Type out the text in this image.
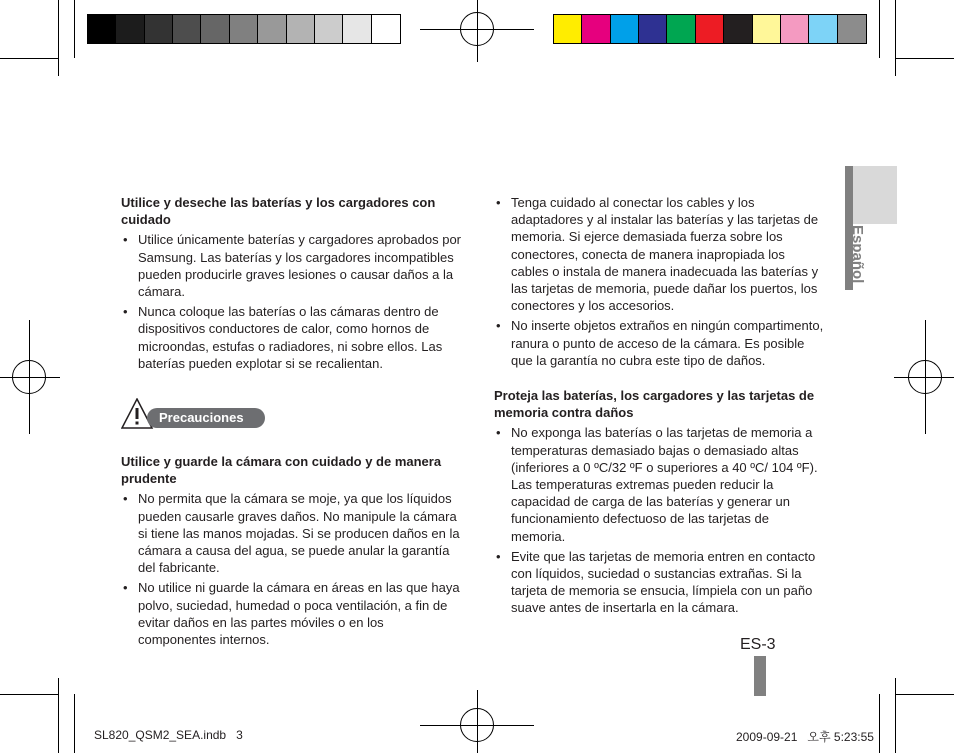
Español
Utilice y deseche las baterías y los cargadores con cuidado
• Utilice únicamente baterías y cargadores aprobados por Samsung. Las baterías y los cargadores incompatibles pueden producirle graves lesiones o causar daños a la cámara.
• Nunca coloque las baterías o las cámaras dentro de dispositivos conductores de calor, como hornos de microondas, estufas o radiadores, ni sobre ellos. Las baterías pueden explotar si se recalientan.
Precauciones
Utilice y guarde la cámara con cuidado y de manera prudente
• No permita que la cámara se moje, ya que los líquidos pueden causarle graves daños. No manipule la cámara si tiene las manos mojadas. Si se producen daños en la cámara a causa del agua, se puede anular la garantía del fabricante.
• No utilice ni guarde la cámara en áreas en las que haya polvo, suciedad, humedad o poca ventilación, a fin de evitar daños en las partes móviles o en los componentes internos.
• Tenga cuidado al conectar los cables y los adaptadores y al instalar las baterías y las tarjetas de memoria. Si ejerce demasiada fuerza sobre los conectores, conecta de manera inapropiada los cables o instala de manera inadecuada las baterías y las tarjetas de memoria, puede dañar los puertos, los conectores y los accesorios.
• No inserte objetos extraños en ningún compartimento, ranura o punto de acceso de la cámara. Es posible que la garantía no cubra este tipo de daños.
Proteja las baterías, los cargadores y las tarjetas de memoria contra daños
• No exponga las baterías o las tarjetas de memoria a temperaturas demasiado bajas o demasiado altas (inferiores a 0 ºC/32 ºF o superiores a 40 ºC/ 104 ºF). Las temperaturas extremas pueden reducir la capacidad de carga de las baterías y generar un funcionamiento defectuoso de las tarjetas de memoria.
• Evite que las tarjetas de memoria entren en contacto con líquidos, suciedad o sustancias extrañas. Si la tarjeta de memoria se ensucia, límpiela con un paño suave antes de insertarla en la cámara.
ES-3
SL820_QSM2_SEA.indb   3	2009-09-21   오후 5:23:55
